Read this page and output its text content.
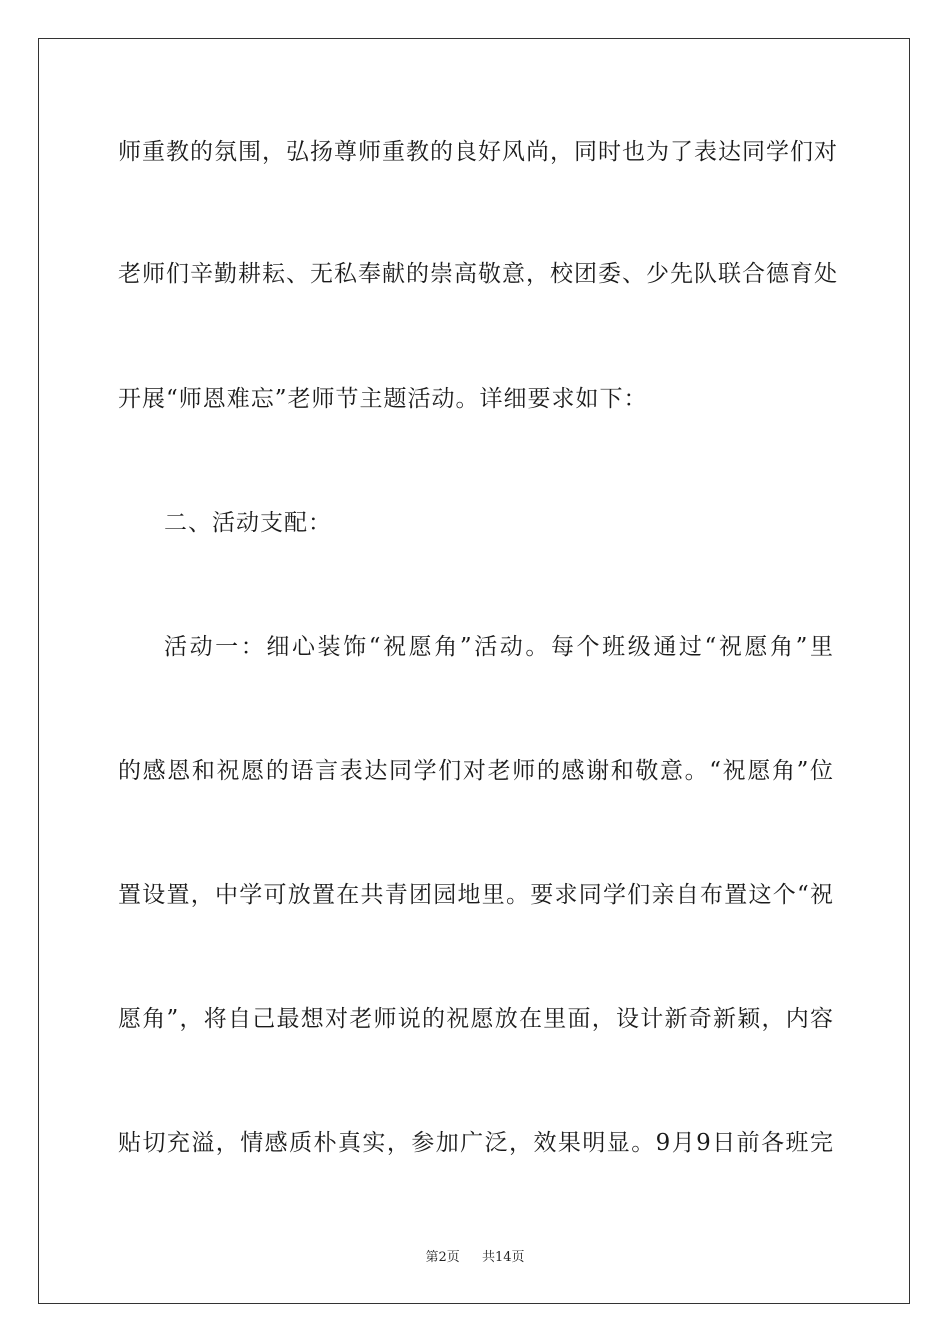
师重教的氛围，弘扬尊师重教的良好风尚，同时也为了表达同学们对
老师们辛勤耕耘、无私奉献的崇高敬意，校团委、少先队联合德育处
开展“师恩难忘”老师节主题活动。详细要求如下：
二、活动支配：
活动一：细心装饰“祝愿角”活动。每个班级通过“祝愿角”里
的感恩和祝愿的语言表达同学们对老师的感谢和敬意。“祝愿角”位
置设置，中学可放置在共青团园地里。要求同学们亲自布置这个“祝
愿角”，将自己最想对老师说的祝愿放在里面，设计新奇新颖，内容
贴切充溢，情感质朴真实，参加广泛，效果明显。9月9日前各班完
第2页 共14页
